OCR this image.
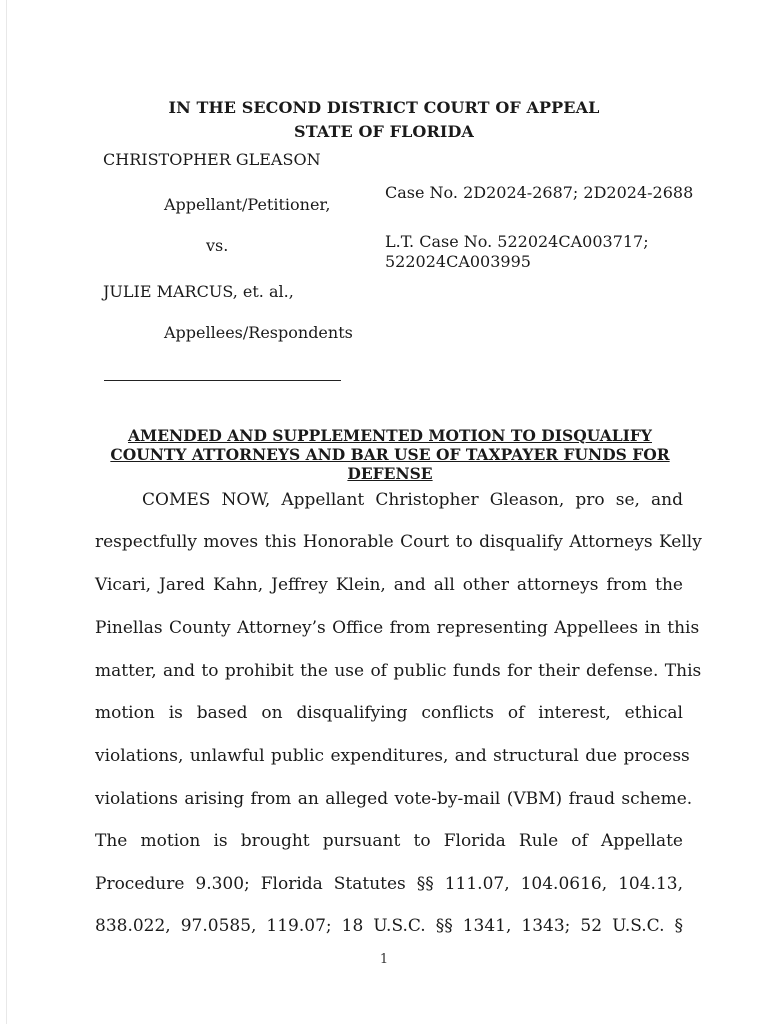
IN THE SECOND DISTRICT COURT OF APPEAL
STATE OF FLORIDA
CHRISTOPHER GLEASON
Appellant/Petitioner,
vs.
JULIE MARCUS, et. al.,
Appellees/Respondents
Case No. 2D2024-2687; 2D2024-2688
L.T. Case No. 522024CA003717; 522024CA003995
AMENDED AND SUPPLEMENTED MOTION TO DISQUALIFY
COUNTY ATTORNEYS AND BAR USE OF TAXPAYER FUNDS FOR
DEFENSE
COMES NOW, Appellant Christopher Gleason, pro se, and
respectfully moves this Honorable Court to disqualify Attorneys Kelly
Vicari, Jared Kahn, Jeffrey Klein, and all other attorneys from the
Pinellas County Attorney’s Office from representing Appellees in this
matter, and to prohibit the use of public funds for their defense. This
motion is based on disqualifying conflicts of interest, ethical
violations, unlawful public expenditures, and structural due process
violations arising from an alleged vote-by-mail (VBM) fraud scheme.
The motion is brought pursuant to Florida Rule of Appellate
Procedure 9.300; Florida Statutes §§ 111.07, 104.0616, 104.13,
838.022, 97.0585, 119.07; 18 U.S.C. §§ 1341, 1343; 52 U.S.C. §
1
